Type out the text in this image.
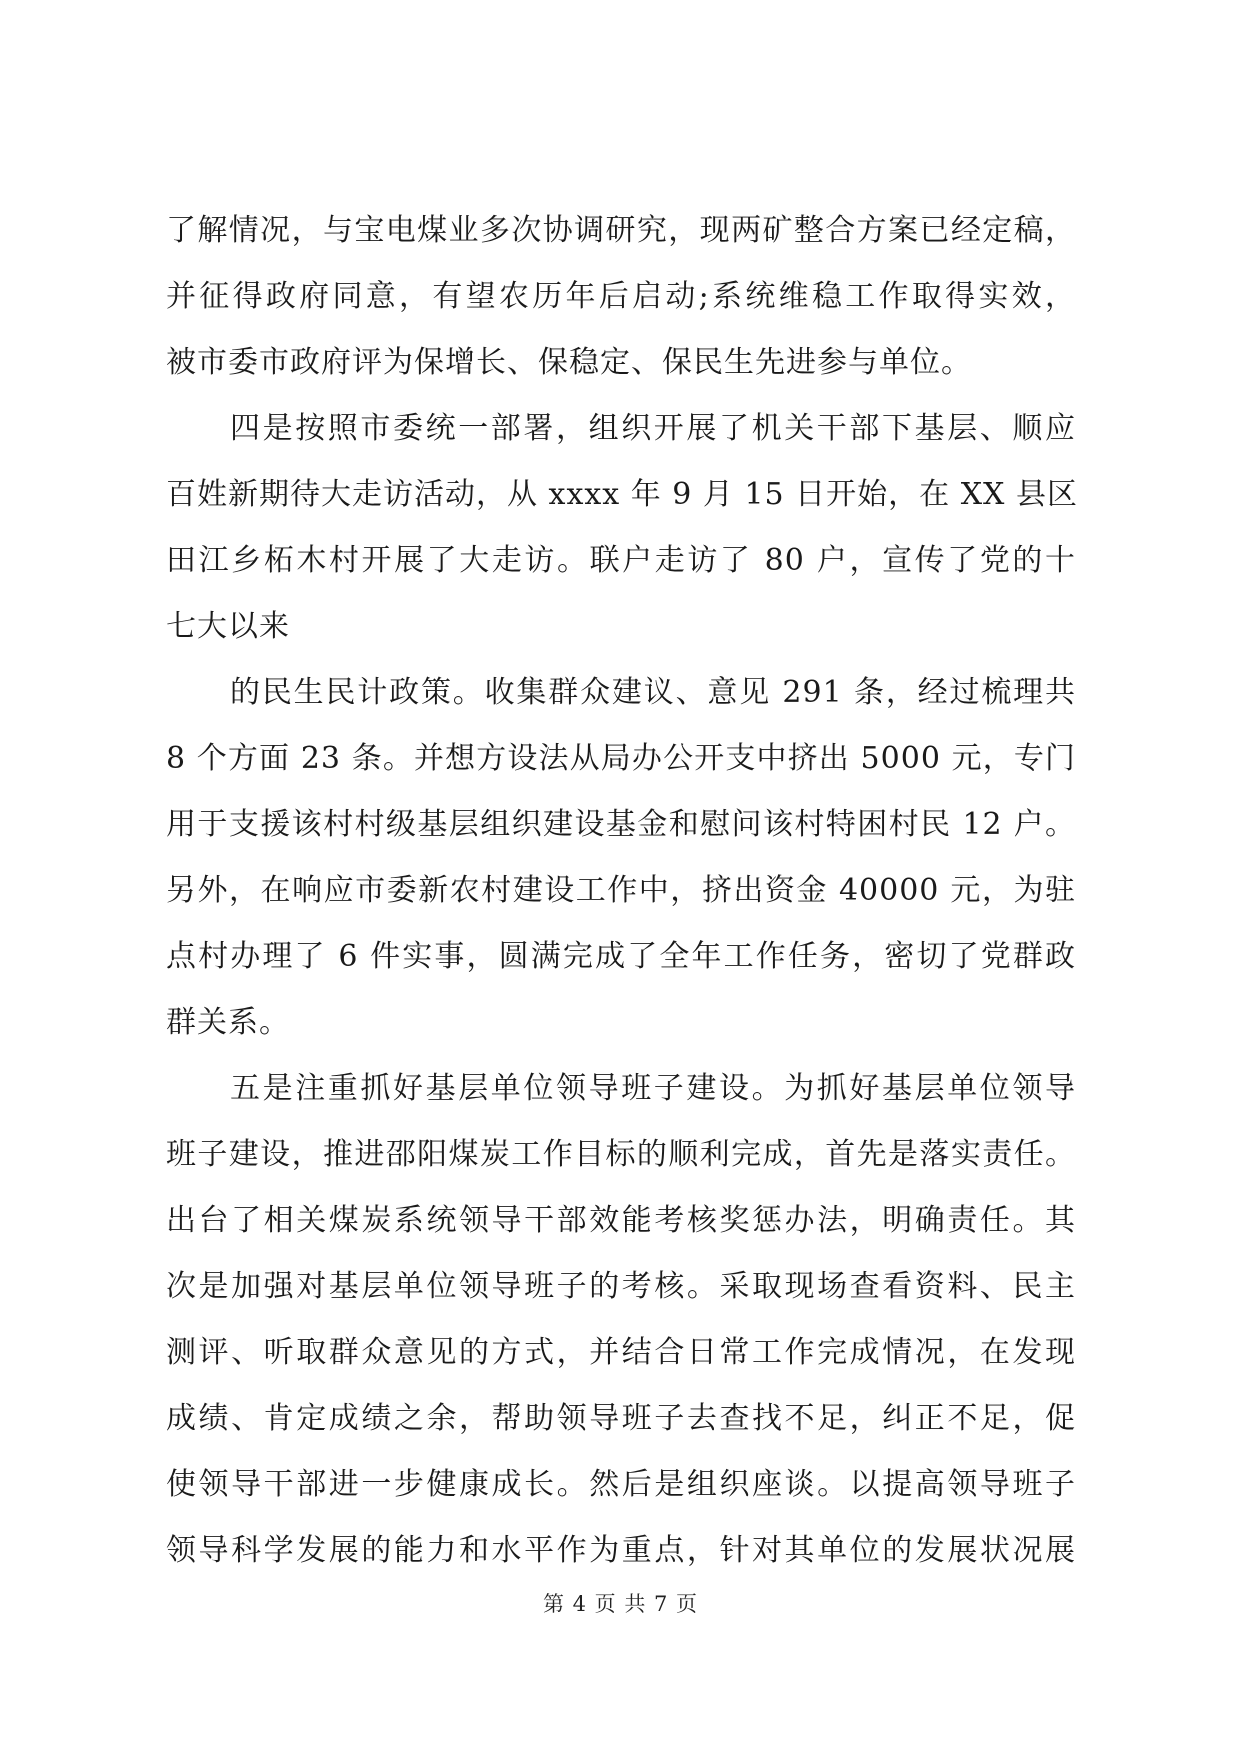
了解情况，与宝电煤业多次协调研究，现两矿整合方案已经定稿，
并征得政府同意，有望农历年后启动;系统维稳工作取得实效，
被市委市政府评为保增长、保稳定、保民生先进参与单位。
四是按照市委统一部署，组织开展了机关干部下基层、顺应
百姓新期待大走访活动，从 xxxx 年 9 月 15 日开始，在 XX 县区
田江乡柘木村开展了大走访。联户走访了 80 户，宣传了党的十
七大以来
的民生民计政策。收集群众建议、意见 291 条，经过梳理共
8 个方面 23 条。并想方设法从局办公开支中挤出 5000 元，专门
用于支援该村村级基层组织建设基金和慰问该村特困村民 12 户。
另外，在响应市委新农村建设工作中，挤出资金 40000 元，为驻
点村办理了 6 件实事，圆满完成了全年工作任务，密切了党群政
群关系。
五是注重抓好基层单位领导班子建设。为抓好基层单位领导
班子建设，推进邵阳煤炭工作目标的顺利完成，首先是落实责任。
出台了相关煤炭系统领导干部效能考核奖惩办法，明确责任。其
次是加强对基层单位领导班子的考核。采取现场查看资料、民主
测评、听取群众意见的方式，并结合日常工作完成情况，在发现
成绩、肯定成绩之余，帮助领导班子去查找不足，纠正不足，促
使领导干部进一步健康成长。然后是组织座谈。以提高领导班子
领导科学发展的能力和水平作为重点，针对其单位的发展状况展
第 4 页 共 7 页
